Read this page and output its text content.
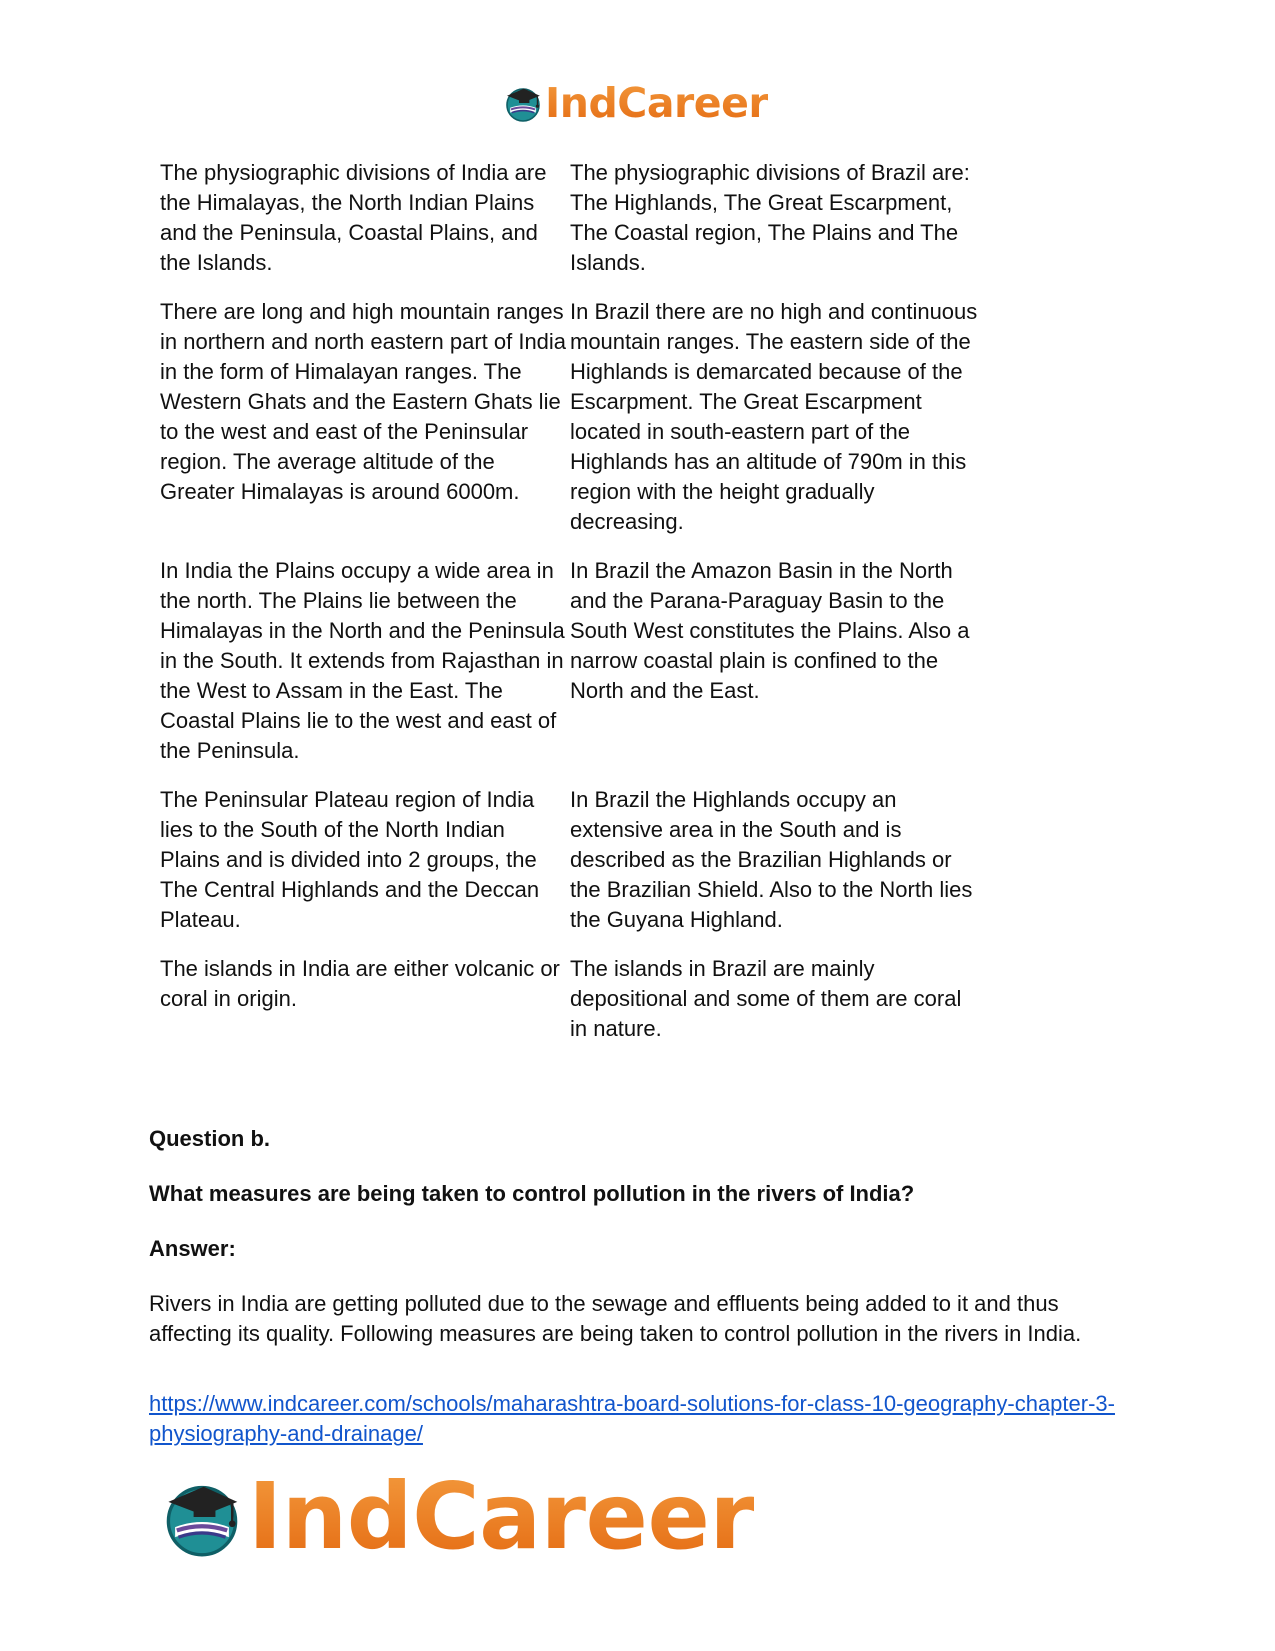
IndCareer
The physiographic divisions of India are the Himalayas, the North Indian Plains and the Peninsula, Coastal Plains, and the Islands.
The physiographic divisions of Brazil are: The Highlands, The Great Escarpment, The Coastal region, The Plains and The Islands.
There are long and high mountain ranges in northern and north eastern part of India in the form of Himalayan ranges. The Western Ghats and the Eastern Ghats lie to the west and east of the Peninsular region. The average altitude of the Greater Himalayas is around 6000m.
In Brazil there are no high and continuous mountain ranges. The eastern side of the Highlands is demarcated because of the Escarpment. The Great Escarpment located in south-eastern part of the Highlands has an altitude of 790m in this region with the height gradually decreasing.
In India the Plains occupy a wide area in the north. The Plains lie between the Himalayas in the North and the Peninsula in the South. It extends from Rajasthan in the West to Assam in the East. The Coastal Plains lie to the west and east of the Peninsula.
In Brazil the Amazon Basin in the North and the Parana-Paraguay Basin to the South West constitutes the Plains. Also a narrow coastal plain is confined to the North and the East.
The Peninsular Plateau region of India lies to the South of the North Indian Plains and is divided into 2 groups, the The Central Highlands and the Deccan Plateau.
In Brazil the Highlands occupy an extensive area in the South and is described as the Brazilian Highlands or the Brazilian Shield. Also to the North lies the Guyana Highland.
The islands in India are either volcanic or coral in origin.
The islands in Brazil are mainly depositional and some of them are coral in nature.

Question b.

What measures are being taken to control pollution in the rivers of India?

Answer:

Rivers in India are getting polluted due to the sewage and effluents being added to it and thus affecting its quality. Following measures are being taken to control pollution in the rivers in India.

https://www.indcareer.com/schools/maharashtra-board-solutions-for-class-10-geography-chapter-3-physiography-and-drainage/
IndCareer
